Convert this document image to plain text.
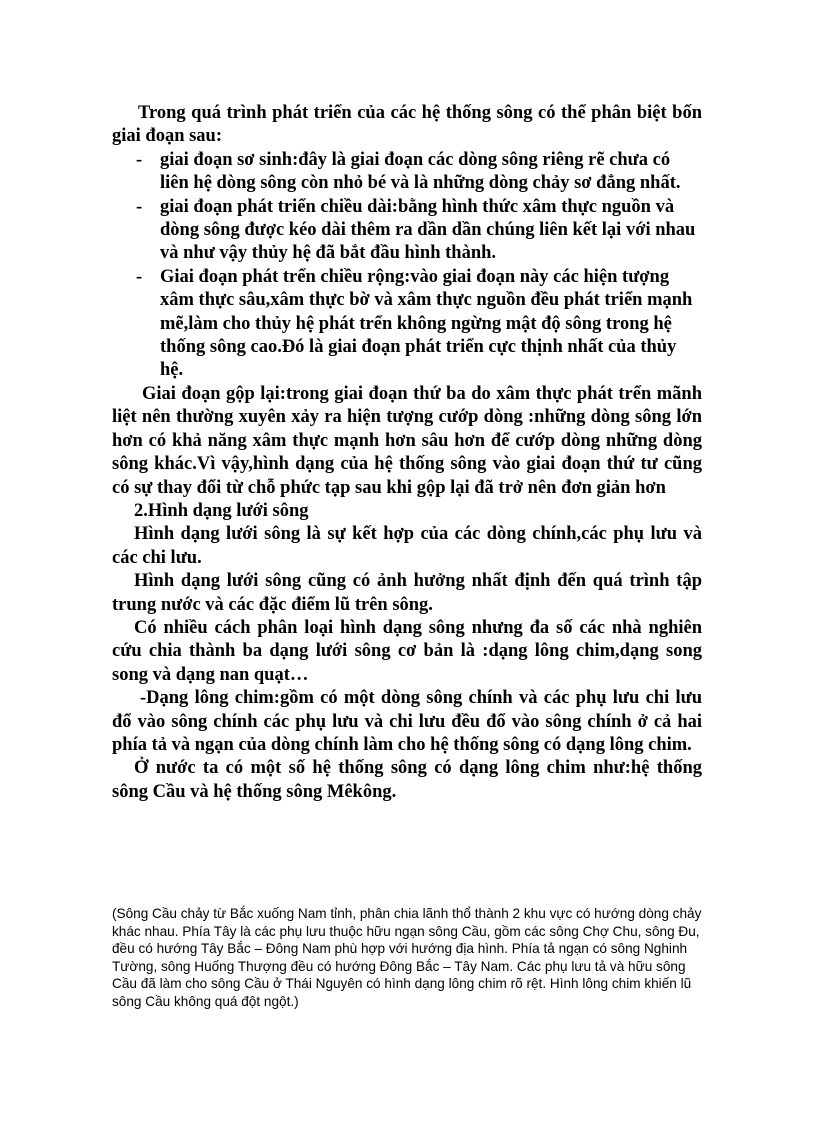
Trong quá trình phát triển của các hệ thống sông có thể phân biệt bốn giai đoạn sau:

- giai đoạn sơ sinh:đây là giai đoạn các dòng sông riêng rẽ chưa có liên hệ dòng sông còn nhỏ bé và là những dòng chảy sơ đẳng nhất.
- giai đoạn phát triển chiều dài:bằng hình thức xâm thực nguồn và dòng sông được kéo dài thêm ra dần dần chúng liên kết lại với nhau và như vậy thủy hệ đã bắt đầu hình thành.
- Giai đoạn phát trển chiều rộng:vào giai đoạn này các hiện tượng xâm thực sâu,xâm thực bờ và xâm thực nguồn đều phát triển mạnh mẽ,làm cho thủy hệ phát trển không ngừng mật độ sông trong hệ thống sông cao.Đó là giai đoạn phát triển cực thịnh nhất của thủy hệ.

Giai đoạn gộp lại:trong giai đoạn thứ ba do xâm thực phát trển mãnh liệt nên thường xuyên xảy ra hiện tượng cướp dòng :những dòng sông lớn hơn có khả năng xâm thực mạnh hơn sâu hơn để cướp dòng những dòng sông khác.Vì vậy,hình dạng của hệ thống sông vào giai đoạn thứ tư cũng có sự thay đổi từ chỗ phức tạp sau khi gộp lại đã trở nên đơn giản hơn

2.Hình dạng lưới sông

Hình dạng lưới sông là sự kết hợp của các dòng chính,các phụ lưu và các chi lưu.

Hình dạng lưới sông cũng có ảnh hưởng nhất định đến quá trình tập trung nước và các đặc điểm lũ trên sông.

Có nhiều cách phân loại hình dạng sông nhưng đa số các nhà nghiên cứu chia thành ba dạng lưới sông cơ bản là :dạng lông chim,dạng song song và dạng nan quạt…

-Dạng lông chim:gồm có một dòng sông chính và các phụ lưu chi lưu đổ vào sông chính các phụ lưu và chi lưu đều đổ vào sông chính ở cả hai phía tả và ngạn của dòng chính làm cho hệ thống sông có dạng lông chim.

Ở nước ta có một số hệ thống sông có dạng lông chim như:hệ thống sông Cầu và hệ thống sông Mêkông.

(Sông Cầu chảy từ Bắc xuống Nam tỉnh, phân chia lãnh thổ thành 2 khu vực có hướng dòng chảy khác nhau. Phía Tây là các phụ lưu thuộc hữu ngạn sông Cầu, gồm các sông Chợ Chu, sông Đu, đều có hướng Tây Bắc – Đông Nam phù hợp với hướng địa hình. Phía tả ngạn có sông Nghinh Tường, sông Huống Thượng đều có hướng Đông Bắc – Tây Nam. Các phụ lưu tả và hữu sông Cầu đã làm cho sông Cầu ở Thái Nguyên có hình dạng lông chim rõ rệt. Hình lông chim khiến lũ sông Cầu không quá đột ngột.)
